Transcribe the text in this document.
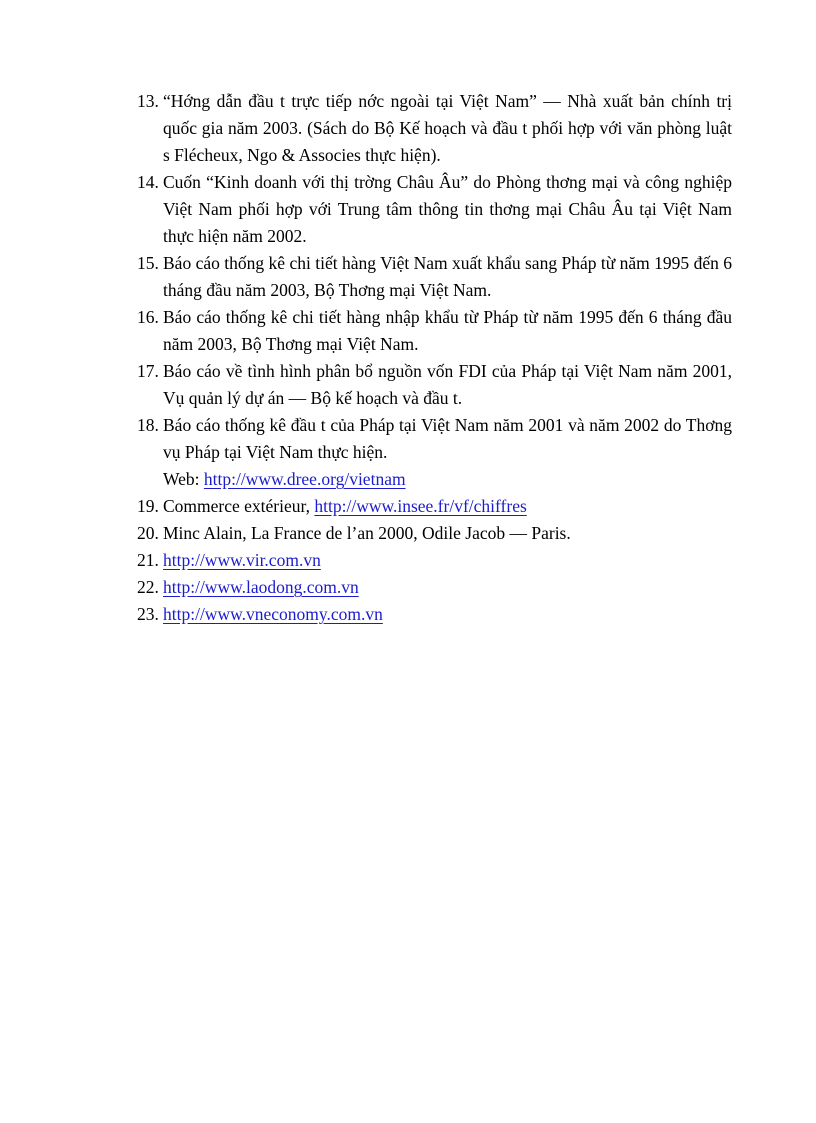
13. “Hớng dẫn đầu t trực tiếp nớc ngoài tại Việt Nam” — Nhà xuất bản chính trị quốc gia năm 2003. (Sách do Bộ Kế hoạch và đầu t phối hợp với văn phòng luật s Flécheux, Ngo & Associes thực hiện).
14. Cuốn “Kinh doanh với thị trờng Châu Âu” do Phòng thơng mại và công nghiệp Việt Nam phối hợp với Trung tâm thông tin thơng mại Châu Âu tại Việt Nam thực hiện năm 2002.
15. Báo cáo thống kê chi tiết hàng Việt Nam xuất khẩu sang Pháp từ năm 1995 đến 6 tháng đầu năm 2003, Bộ Thơng mại Việt Nam.
16. Báo cáo thống kê chi tiết hàng nhập khẩu từ Pháp từ năm 1995 đến 6 tháng đầu năm 2003, Bộ Thơng mại Việt Nam.
17. Báo cáo về tình hình phân bổ nguồn vốn FDI của Pháp tại Việt Nam năm 2001, Vụ quản lý dự án — Bộ kế hoạch và đầu t.
18. Báo cáo thống kê đầu t của Pháp tại Việt Nam năm 2001 và năm 2002 do Thơng vụ Pháp tại Việt Nam thực hiện.
Web: http://www.dree.org/vietnam
19. Commerce extérieur, http://www.insee.fr/vf/chiffres
20. Minc Alain, La France de l’an 2000, Odile Jacob — Paris.
21. http://www.vir.com.vn
22. http://www.laodong.com.vn
23. http://www.vneconomy.com.vn
